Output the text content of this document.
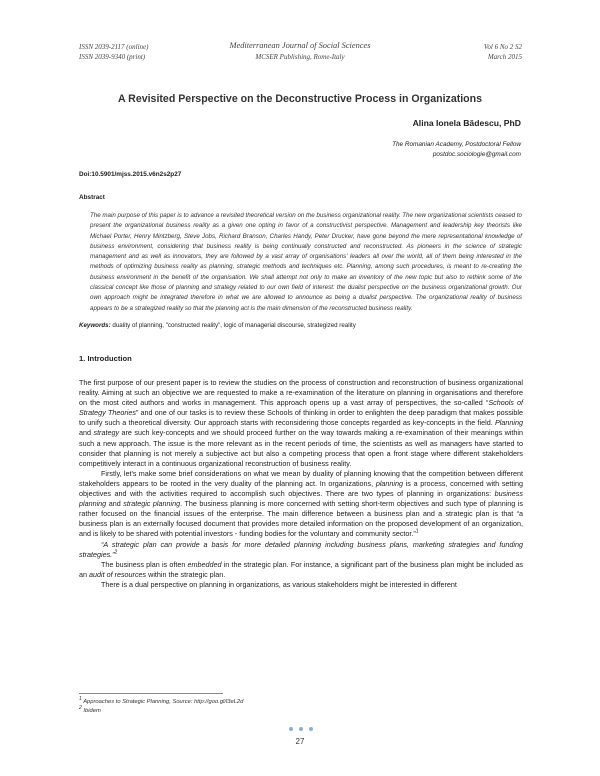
ISSN 2039-2117 (online)
ISSN 2039-9340 (print)
Mediterranean Journal of Social Sciences
MCSER Publishing, Rome-Italy
Vol 6 No 2 S2
March 2015
A Revisited Perspective on the Deconstructive Process in Organizations
Alina Ionela Bădescu, PhD
The Romanian Academy, Postdoctoral Fellow
postdoc.sociologie@gmail.com
Doi:10.5901/mjss.2015.v6n2s2p27
Abstract
The main purpose of this paper is to advance a revisited theoretical version on the business organizational reality. The new organizational scientists ceased to present the organizational business reality as a given one opting in favor of a constructivist perspective. Management and leadership key theorists like Michael Porter, Henry Mintzberg, Steve Jobs, Richard Branson, Charles Handy, Peter Drucker, have gone beyond the mere representational knowledge of business environment, considering that business reality is being continually constructed and reconstructed. As pioneers in the science of strategic management and as well as innovators, they are followed by a vast array of organisations' leaders all over the world, all of them being interested in the methods of optimizing business reality as planning, strategic methods and techniques etc. Planning, among such procedures, is meant to re-creating the business environment in the benefit of the organisation. We shall attempt not only to make an inventory of the new topic but also to rethink some of the classical concept like those of planning and strategy related to our own field of interest: the dualist perspective on the business organizational growth. Our own approach might be integrated therefore in what we are allowed to announce as being a dualist perspective. The organizational reality of business appears to be a strategized reality so that the planning act is the main dimension of the reconstructed business reality.
Keywords: duality of planning, "constructed reality", logic of managerial discourse, strategized reality
1. Introduction

The first purpose of our present paper is to review the studies on the process of construction and reconstruction of business organizational reality. Aiming at such an objective we are requested to make a re-examination of the literature on planning in organisations and therefore on the most cited authors and works in management. This approach opens up a vast array of perspectives, the so-called “Schools of Strategy Theories” and one of our tasks is to review these Schools of thinking in order to enlighten the deep paradigm that makes possible to unify such a theoretical diversity. Our approach starts with reconsidering those concepts regarded as key-concepts in the field. Planning and strategy are such key-concepts and we should proceed further on the way towards making a re-examination of their meanings within such a new approach. The issue is the more relevant as in the recent periods of time, the scientists as well as managers have started to consider that planning is not merely a subjective act but also a competing process that open a front stage where different stakeholders competitively interact in a continuous organizational reconstruction of business reality.

Firstly, let's make some brief considerations on what we mean by duality of planning knowing that the competition between different stakeholders appears to be rooted in the very duality of the planning act. In organizations, planning is a process, concerned with setting objectives and with the activities required to accomplish such objectives. There are two types of planning in organizations: business planning and strategic planning. The business planning is more concerned with setting short-term objectives and such type of planning is rather focused on the financial issues of the enterprise. The main difference between a business plan and a strategic plan is that “a business plan is an externally focused document that provides more detailed information on the proposed development of an organization, and is likely to be shared with potential investors - funding bodies for the voluntary and community sector.”$^1$

“A strategic plan can provide a basis for more detailed planning including business plans, marketing strategies and funding strategies.”$^2$

The business plan is often embedded in the strategic plan. For instance, a significant part of the business plan might be included as an audit of resources within the strategic plan.

There is a dual perspective on planning in organizations, as various stakeholders might be interested in different

$^1$ Approaches to Strategic Planning, Source: http://goo.gl/l3eL2d
$^2$ Ibidem
27
